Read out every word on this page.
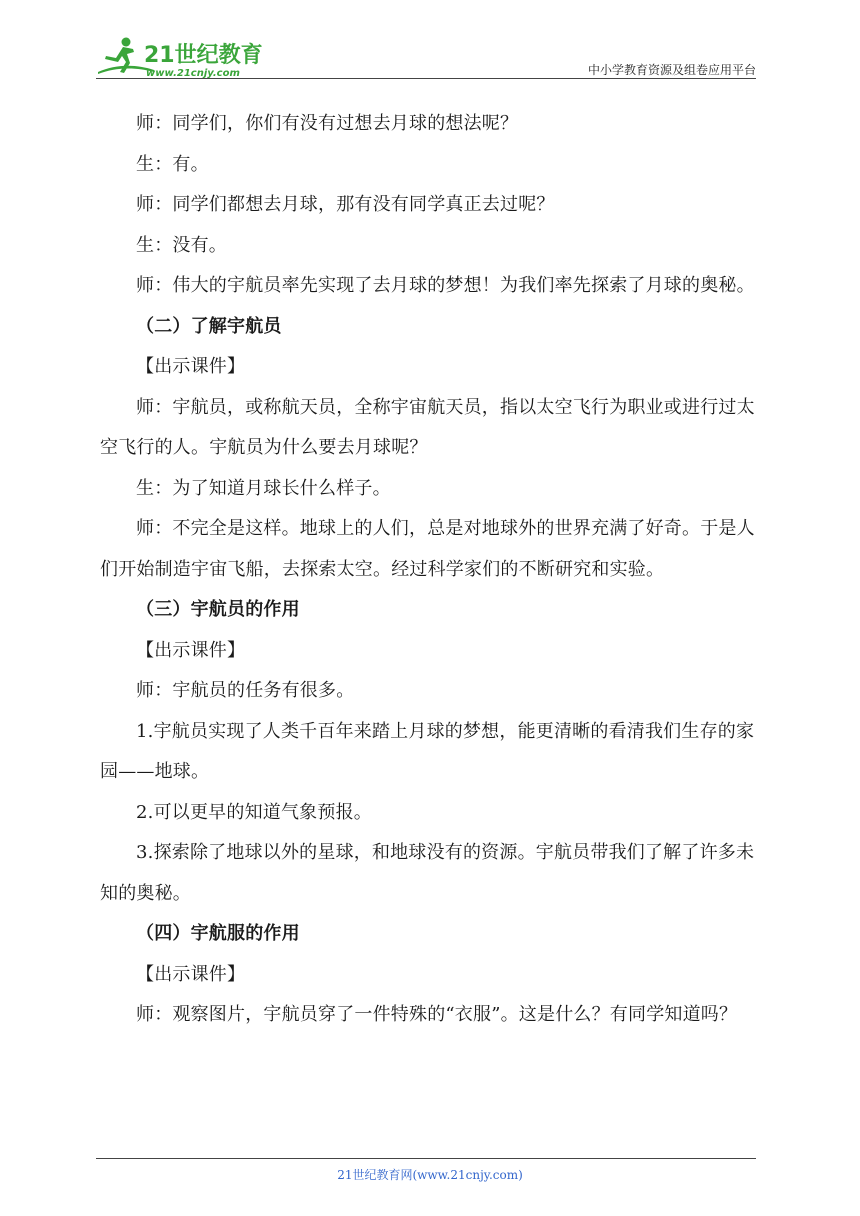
21世纪教育
www.21cnjy.com	中小学教育资源及组卷应用平台

师：同学们，你们有没有过想去月球的想法呢？

生：有。

师：同学们都想去月球，那有没有同学真正去过呢？

生：没有。

师：伟大的宇航员率先实现了去月球的梦想！为我们率先探索了月球的奥秘。

（二）了解宇航员

【出示课件】

师：宇航员，或称航天员，全称宇宙航天员，指以太空飞行为职业或进行过太空飞行的人。宇航员为什么要去月球呢？

生：为了知道月球长什么样子。

师：不完全是这样。地球上的人们，总是对地球外的世界充满了好奇。于是人们开始制造宇宙飞船，去探索太空。经过科学家们的不断研究和实验。

（三）宇航员的作用

【出示课件】

师：宇航员的任务有很多。

1.宇航员实现了人类千百年来踏上月球的梦想，能更清晰的看清我们生存的家园——地球。

2.可以更早的知道气象预报。

3.探索除了地球以外的星球，和地球没有的资源。宇航员带我们了解了许多未知的奥秘。

（四）宇航服的作用

【出示课件】

师：观察图片，宇航员穿了一件特殊的“衣服”。这是什么？有同学知道吗？

21世纪教育网(www.21cnjy.com)
